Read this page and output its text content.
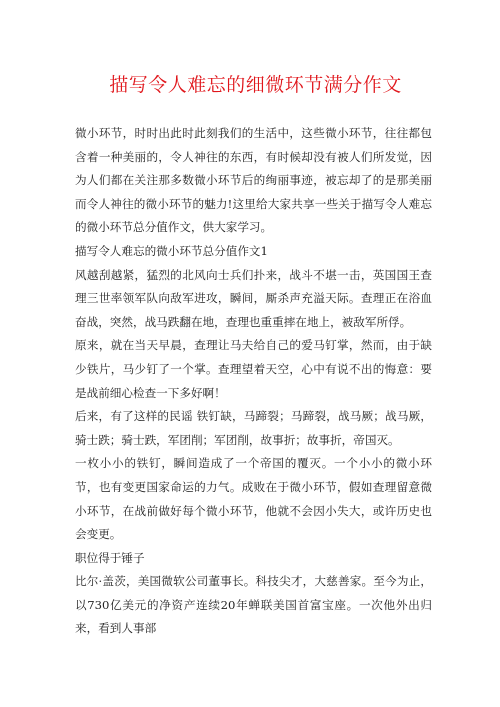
描写令人难忘的细微环节满分作文

微小环节，时时出此时此刻我们的生活中，这些微小环节，往往都包含着一种美丽的，令人神往的东西，有时候却没有被人们所发觉，因为人们都在关注那多数微小环节后的绚丽事迹，被忘却了的是那美丽而令人神往的微小环节的魅力!这里给大家共享一些关于描写令人难忘的微小环节总分值作文，供大家学习。

描写令人难忘的微小环节总分值作文1

风越刮越紧，猛烈的北风向士兵们扑来，战斗不堪一击，英国国王查理三世率领军队向敌军进攻，瞬间，厮杀声充溢天际。查理正在浴血奋战，突然，战马跌翻在地，查理也重重摔在地上，被敌军所俘。

原来，就在当天早晨，查理让马夫给自己的爱马钉掌，然而，由于缺少铁片，马少钉了一个掌。查理望着天空，心中有说不出的悔意：要是战前细心检查一下多好啊！

后来，有了这样的民谣 铁钉缺，马蹄裂；马蹄裂，战马厥；战马厥，骑士跌；骑士跌，军团削；军团削，故事折；故事折，帝国灭。

一枚小小的铁钉，瞬间造成了一个帝国的覆灭。一个小小的微小环节，也有变更国家命运的力气。成败在于微小环节，假如查理留意微小环节，在战前做好每个微小环节，他就不会因小失大，或许历史也会变更。

职位得于锤子

比尔·盖茨，美国微软公司董事长。科技尖才，大慈善家。至今为止，以730亿美元的净资产连续20年蝉联美国首富宝座。一次他外出归来，看到人事部
